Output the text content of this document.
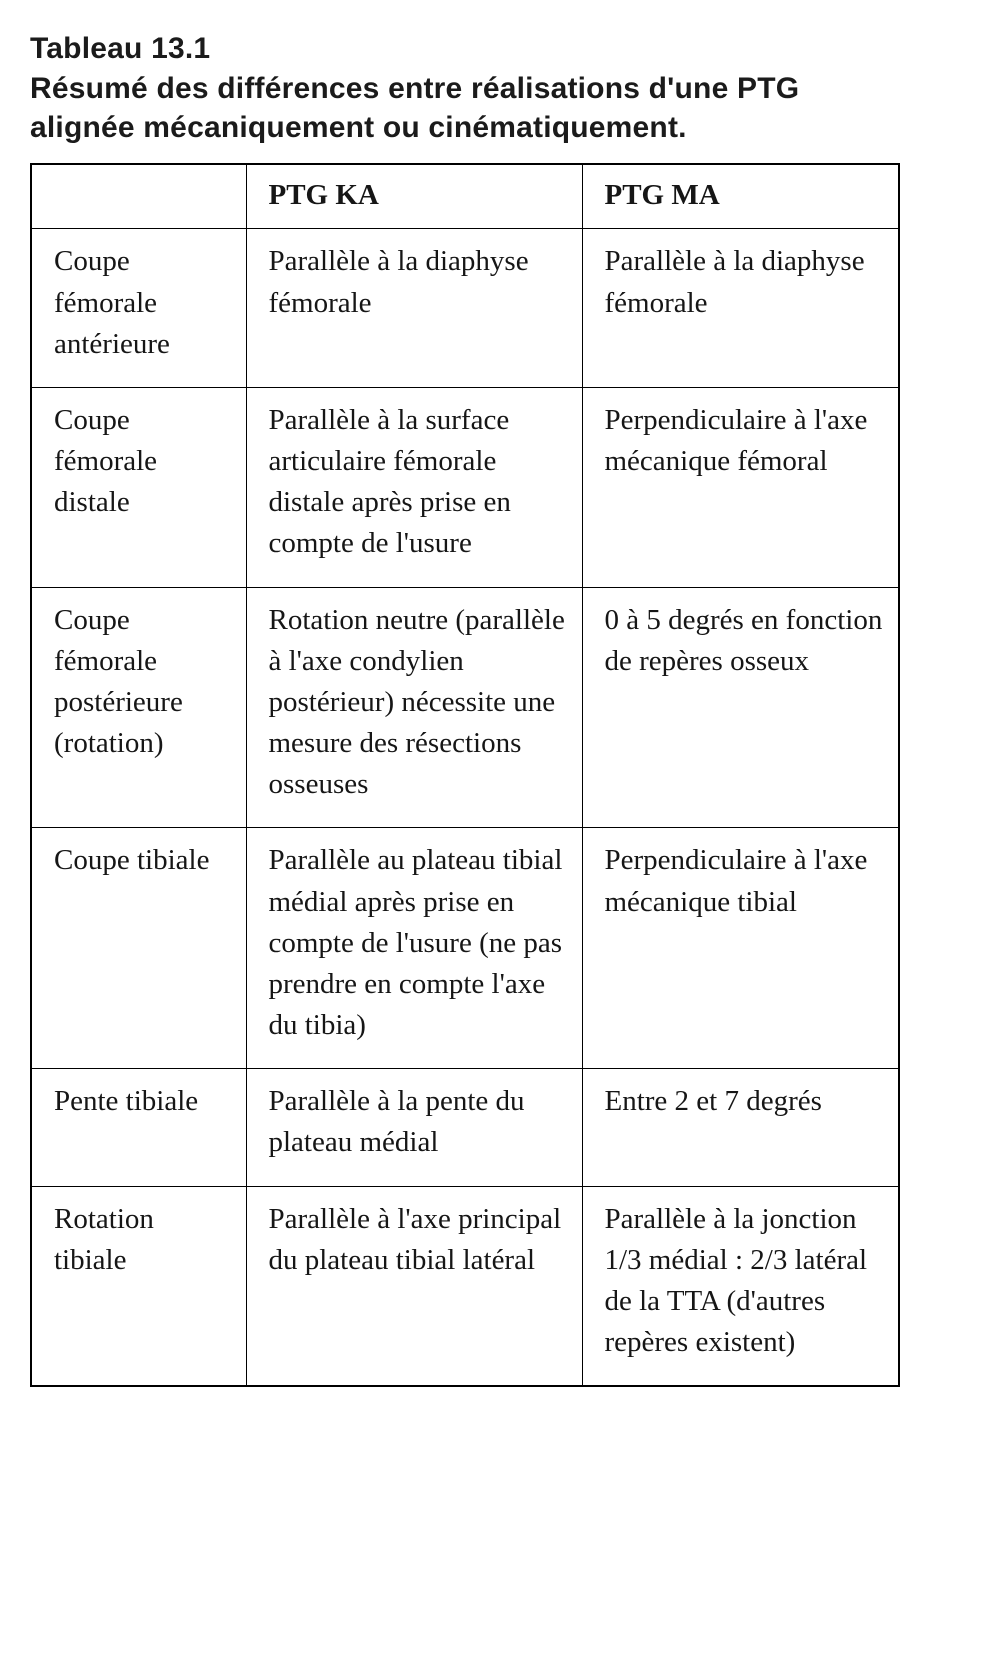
Tableau 13.1
Résumé des différences entre réalisations d'une PTG alignée mécaniquement ou cinématiquement.
	PTG KA	PTG MA
Coupe fémorale antérieure	Parallèle à la diaphyse fémorale	Parallèle à la diaphyse fémorale
Coupe fémorale distale	Parallèle à la surface articulaire fémorale distale après prise en compte de l'usure	Perpendiculaire à l'axe mécanique fémoral
Coupe fémorale postérieure (rotation)	Rotation neutre (parallèle à l'axe condylien postérieur) nécessite une mesure des résections osseuses	0 à 5 degrés en fonction de repères osseux
Coupe tibiale	Parallèle au plateau tibial médial après prise en compte de l'usure (ne pas prendre en compte l'axe du tibia)	Perpendiculaire à l'axe mécanique tibial
Pente tibiale	Parallèle à la pente du plateau médial	Entre 2 et 7 degrés
Rotation tibiale	Parallèle à l'axe principal du plateau tibial latéral	Parallèle à la jonction 1/3 médial : 2/3 latéral de la TTA (d'autres repères existent)
